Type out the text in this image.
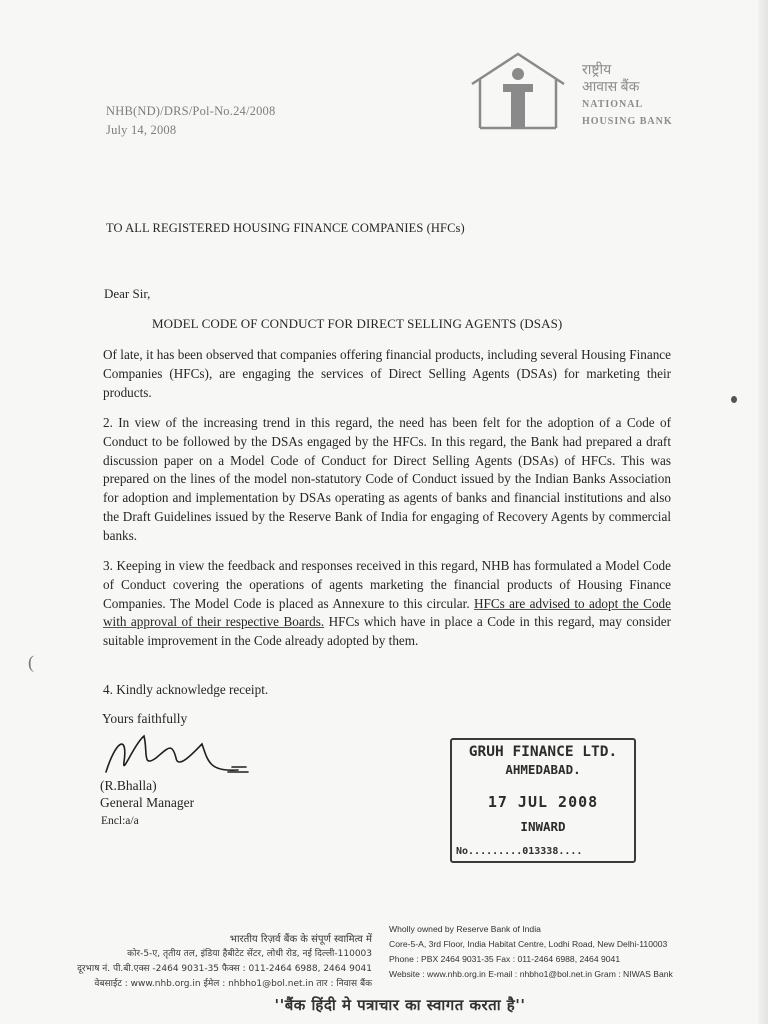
NHB(ND)/DRS/Pol-No.24/2008
July 14, 2008
राष्ट्रीय
आवास बैंक
NATIONAL
HOUSING BANK
TO ALL REGISTERED HOUSING FINANCE COMPANIES (HFCs)
Dear Sir,
MODEL CODE OF CONDUCT FOR DIRECT SELLING AGENTS (DSAS)
Of late, it has been observed that companies offering financial products, including several Housing Finance Companies (HFCs), are engaging the services of Direct Selling Agents (DSAs) for marketing their products.
2. In view of the increasing trend in this regard, the need has been felt for the adoption of a Code of Conduct to be followed by the DSAs engaged by the HFCs. In this regard, the Bank had prepared a draft discussion paper on a Model Code of Conduct for Direct Selling Agents (DSAs) of HFCs. This was prepared on the lines of the model non-statutory Code of Conduct issued by the Indian Banks Association for adoption and implementation by DSAs operating as agents of banks and financial institutions and also the Draft Guidelines issued by the Reserve Bank of India for engaging of Recovery Agents by commercial banks.
3. Keeping in view the feedback and responses received in this regard, NHB has formulated a Model Code of Conduct covering the operations of agents marketing the financial products of Housing Finance Companies. The Model Code is placed as Annexure to this circular. HFCs are advised to adopt the Code with approval of their respective Boards. HFCs which have in place a Code in this regard, may consider suitable improvement in the Code already adopted by them.
4. Kindly acknowledge receipt.
Yours faithfully
(R.Bhalla)
General Manager
Encl:a/a
GRUH FINANCE LTD.
AHMEDABAD.
17 JUL 2008
INWARD
No.........013338....
भारतीय रिज़र्व बैंक के संपूर्ण स्वामित्व में
कोर-5-ए, तृतीय तल, इंडिया हैबीटेट सेंटर, लोधी रोड, नई दिल्ली-110003
दूरभाष नं. पी.बी.एक्स -2464 9031-35 फैक्स : 011-2464 6988, 2464 9041
वेबसाईट : www.nhb.org.in ईमेल : nhbho1@bol.net.in तार : निवास बैंक
Wholly owned by Reserve Bank of India
Core-5-A, 3rd Floor, India Habitat Centre, Lodhi Road, New Delhi-110003
Phone : PBX 2464 9031-35 Fax : 011-2464 6988, 2464 9041
Website : www.nhb.org.in E-mail : nhbho1@bol.net.in Gram : NIWAS Bank
''बैंक हिंदी मे पत्राचार का स्वागत करता है''
(
